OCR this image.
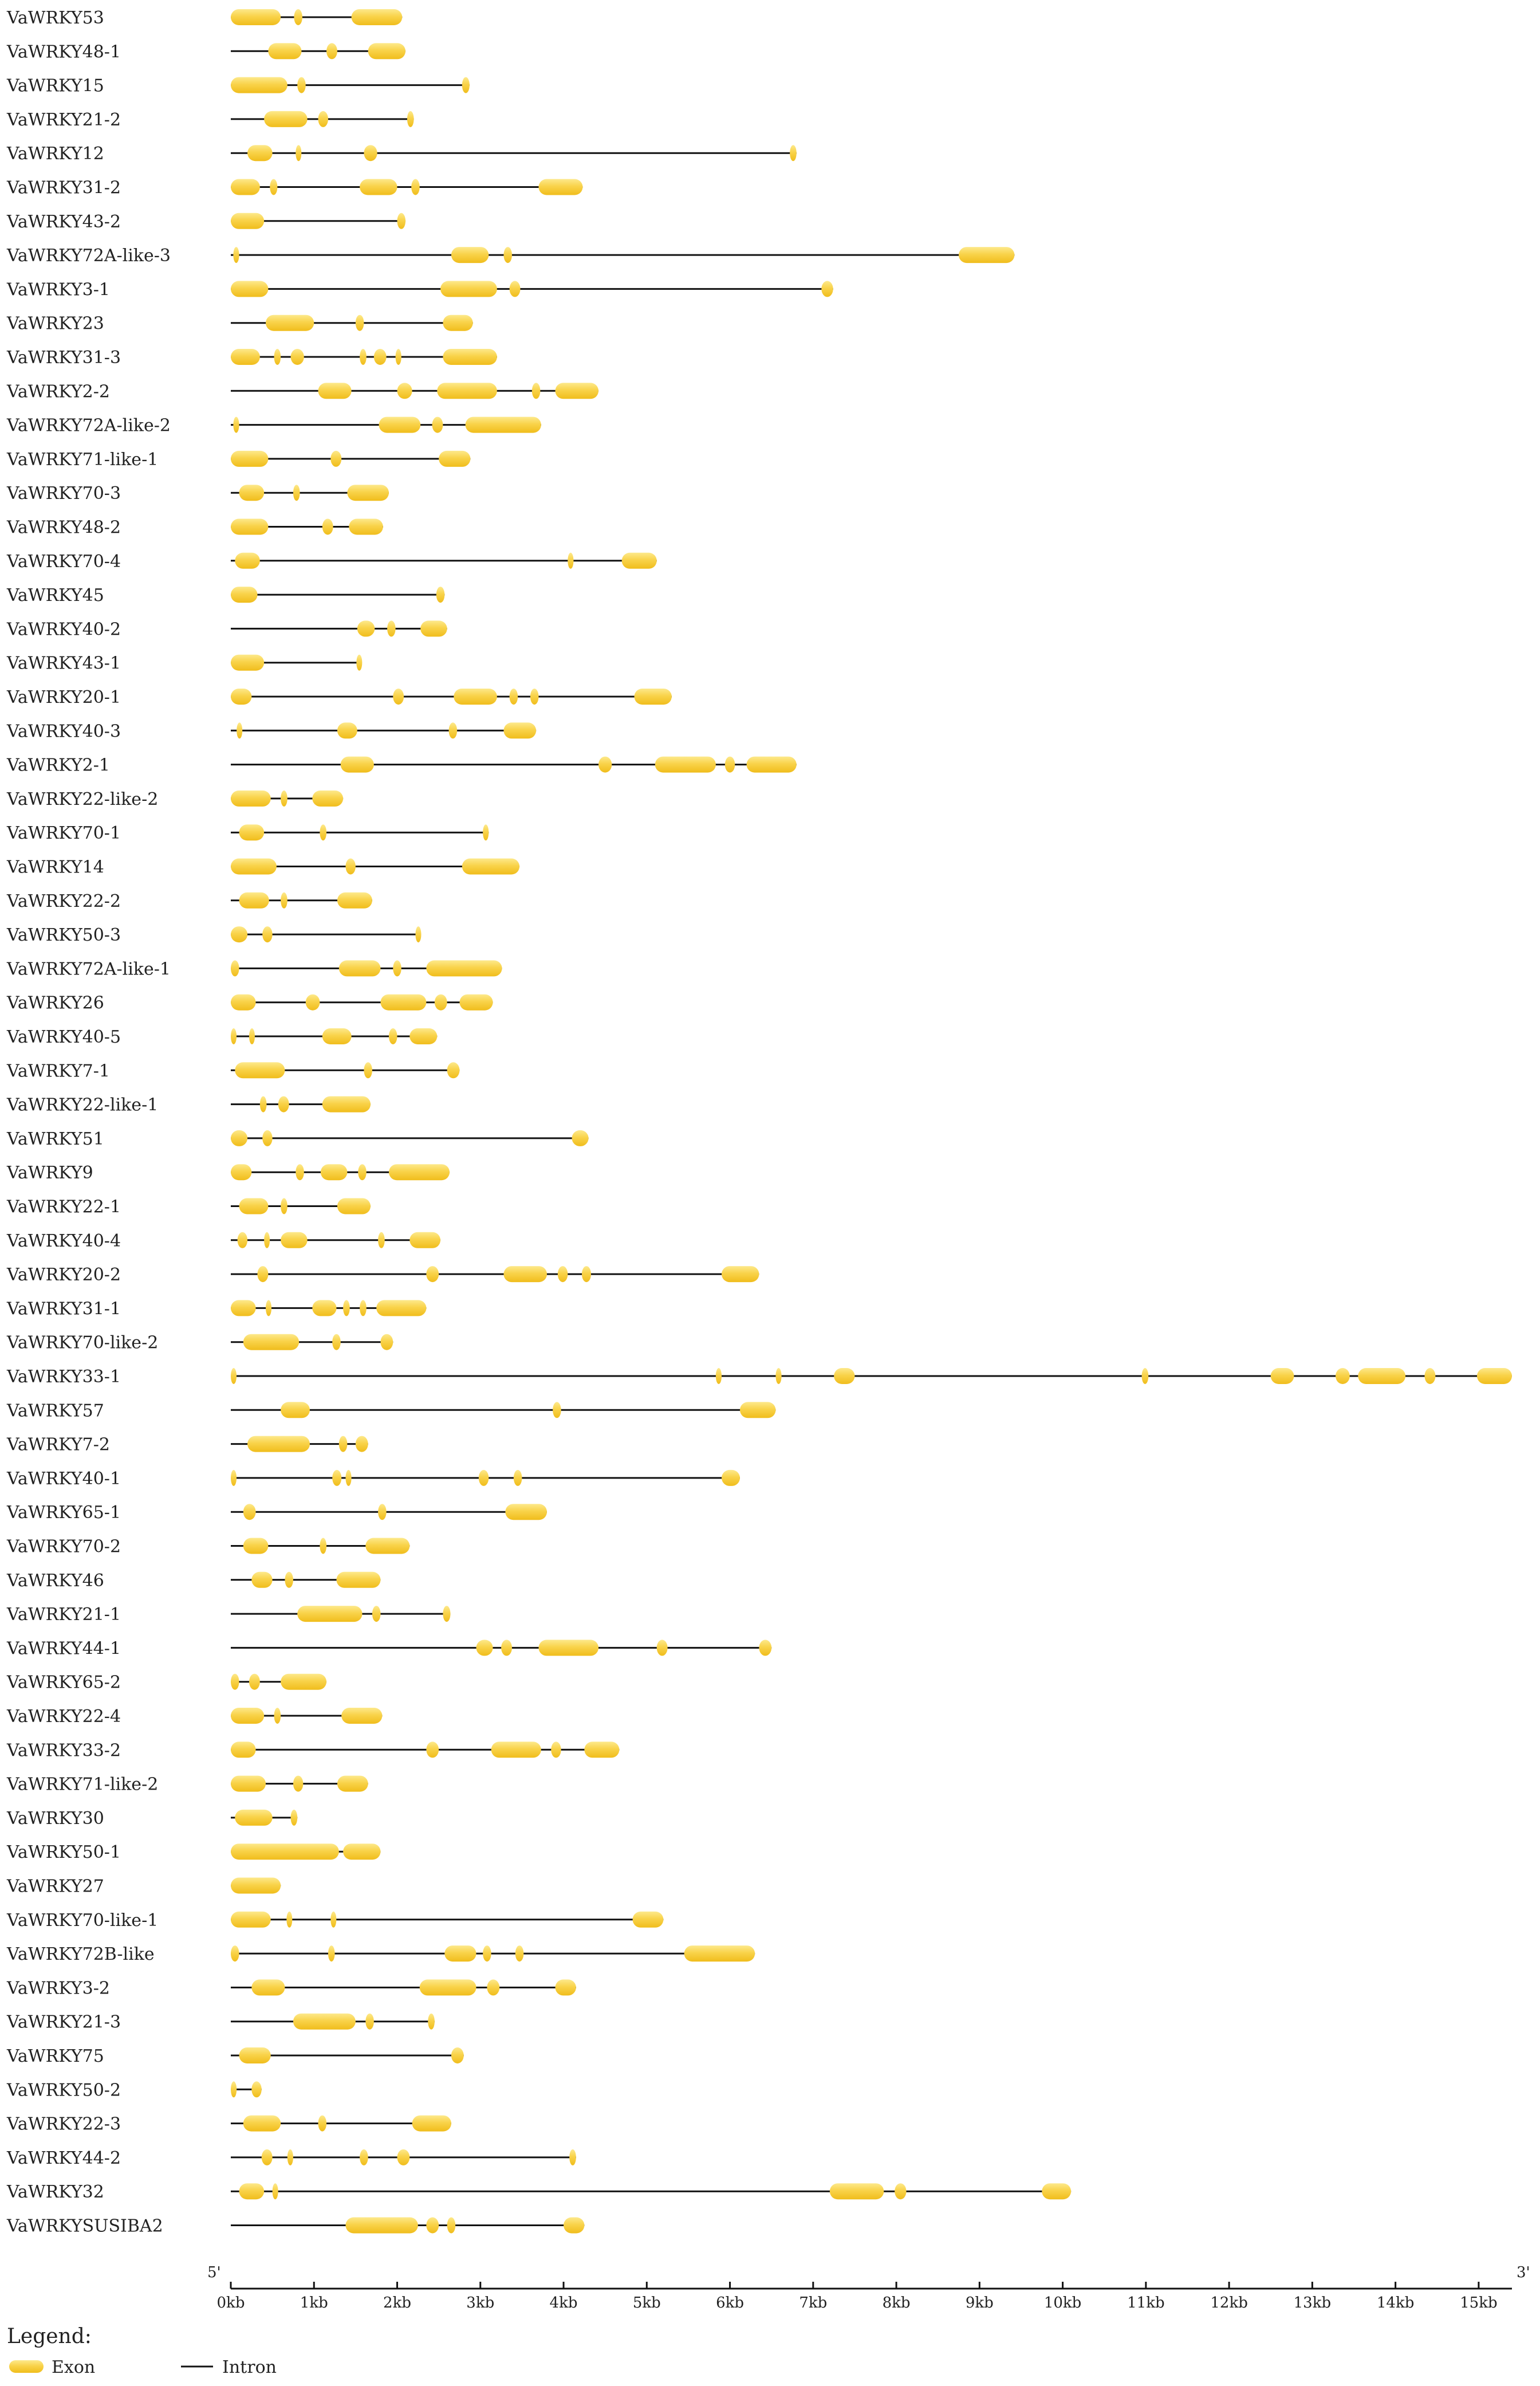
VaWRKY53
VaWRKY48-1
VaWRKY15
VaWRKY21-2
VaWRKY12
VaWRKY31-2
VaWRKY43-2
VaWRKY72A-like-3
VaWRKY3-1
VaWRKY23
VaWRKY31-3
VaWRKY2-2
VaWRKY72A-like-2
VaWRKY71-like-1
VaWRKY70-3
VaWRKY48-2
VaWRKY70-4
VaWRKY45
VaWRKY40-2
VaWRKY43-1
VaWRKY20-1
VaWRKY40-3
VaWRKY2-1
VaWRKY22-like-2
VaWRKY70-1
VaWRKY14
VaWRKY22-2
VaWRKY50-3
VaWRKY72A-like-1
VaWRKY26
VaWRKY40-5
VaWRKY7-1
VaWRKY22-like-1
VaWRKY51
VaWRKY9
VaWRKY22-1
VaWRKY40-4
VaWRKY20-2
VaWRKY31-1
VaWRKY70-like-2
VaWRKY33-1
VaWRKY57
VaWRKY7-2
VaWRKY40-1
VaWRKY65-1
VaWRKY70-2
VaWRKY46
VaWRKY21-1
VaWRKY44-1
VaWRKY65-2
VaWRKY22-4
VaWRKY33-2
VaWRKY71-like-2
VaWRKY30
VaWRKY50-1
VaWRKY27
VaWRKY70-like-1
VaWRKY72B-like
VaWRKY3-2
VaWRKY21-3
VaWRKY75
VaWRKY50-2
VaWRKY22-3
VaWRKY44-2
VaWRKY32
VaWRKYSUSIBA2
5'	3'
0kb	1kb	2kb	3kb	4kb	5kb	6kb	7kb	8kb	9kb	10kb	11kb	12kb	13kb	14kb	15kb
Legend:
Exon	Intron
